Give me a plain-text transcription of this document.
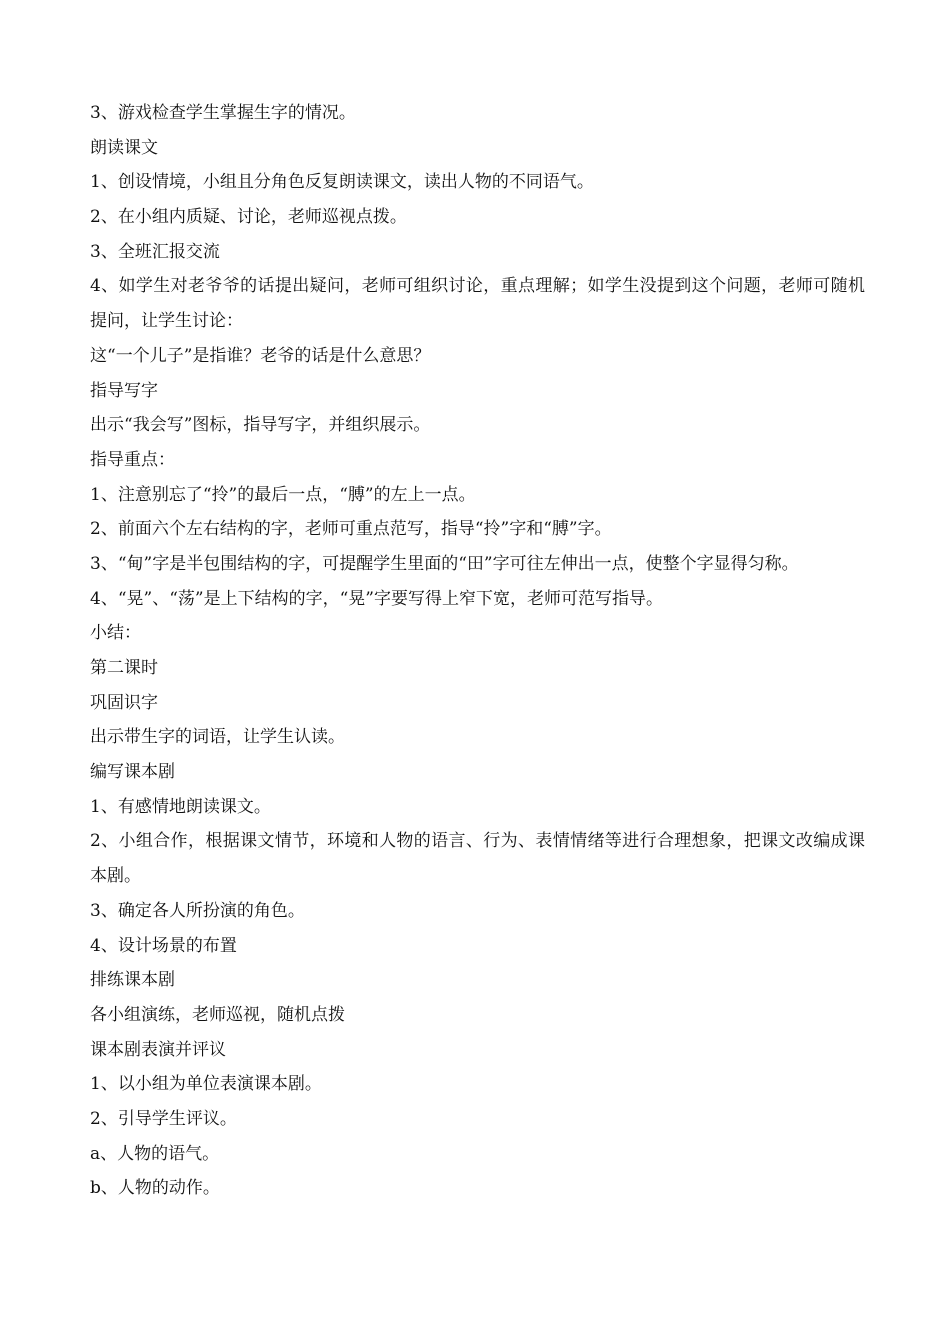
3、游戏检查学生掌握生字的情况。
朗读课文
1、创设情境，小组且分角色反复朗读课文，读出人物的不同语气。
2、在小组内质疑、讨论，老师巡视点拨。
3、全班汇报交流
4、如学生对老爷爷的话提出疑问，老师可组织讨论，重点理解；如学生没提到这个问题，老师可随机提问，让学生讨论：
这“一个儿子”是指谁？老爷的话是什么意思？
指导写字
出示“我会写”图标，指导写字，并组织展示。
指导重点：
1、注意别忘了“拎”的最后一点，“膊”的左上一点。
2、前面六个左右结构的字，老师可重点范写，指导“拎”字和“膊”字。
3、“甸”字是半包围结构的字，可提醒学生里面的“田”字可往左伸出一点，使整个字显得匀称。
4、“晃”、“荡”是上下结构的字，“晃”字要写得上窄下宽，老师可范写指导。
小结：
第二课时
巩固识字
出示带生字的词语，让学生认读。
编写课本剧
1、有感情地朗读课文。
2、小组合作，根据课文情节，环境和人物的语言、行为、表情情绪等进行合理想象，把课文改编成课本剧。
3、确定各人所扮演的角色。
4、设计场景的布置
排练课本剧
各小组演练，老师巡视，随机点拨
课本剧表演并评议
1、以小组为单位表演课本剧。
2、引导学生评议。
a、人物的语气。
b、人物的动作。
